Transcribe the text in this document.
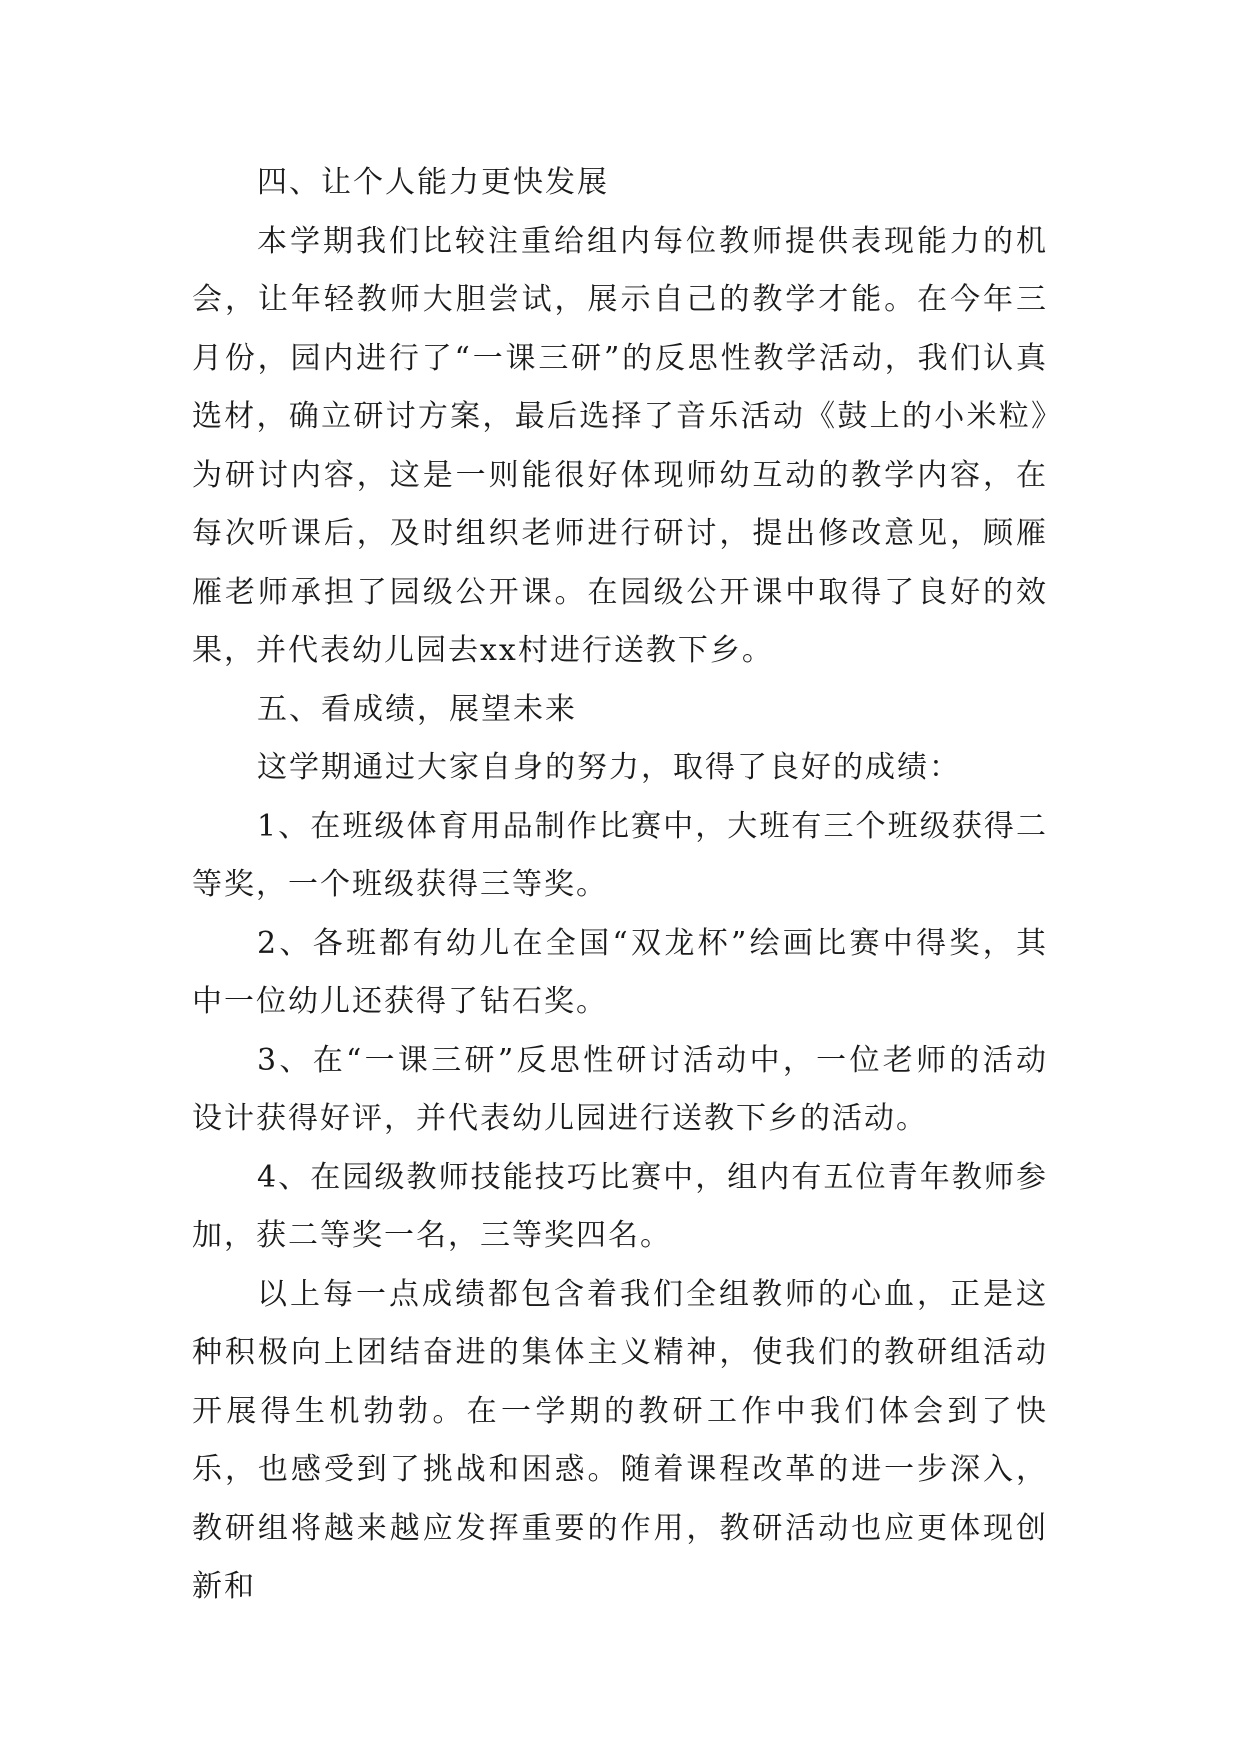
四、让个人能力更快发展

本学期我们比较注重给组内每位教师提供表现能力的机会，让年轻教师大胆尝试，展示自己的教学才能。在今年三月份，园内进行了“一课三研”的反思性教学活动，我们认真选材，确立研讨方案，最后选择了音乐活动《鼓上的小米粒》为研讨内容，这是一则能很好体现师幼互动的教学内容，在每次听课后，及时组织老师进行研讨，提出修改意见，顾雁雁老师承担了园级公开课。在园级公开课中取得了良好的效果，并代表幼儿园去xx村进行送教下乡。

五、看成绩，展望未来

这学期通过大家自身的努力，取得了良好的成绩：

1、在班级体育用品制作比赛中，大班有三个班级获得二等奖，一个班级获得三等奖。

2、各班都有幼儿在全国“双龙杯”绘画比赛中得奖，其中一位幼儿还获得了钻石奖。

3、在“一课三研”反思性研讨活动中，一位老师的活动设计获得好评，并代表幼儿园进行送教下乡的活动。

4、在园级教师技能技巧比赛中，组内有五位青年教师参加，获二等奖一名，三等奖四名。

以上每一点成绩都包含着我们全组教师的心血，正是这种积极向上团结奋进的集体主义精神，使我们的教研组活动开展得生机勃勃。在一学期的教研工作中我们体会到了快乐，也感受到了挑战和困惑。随着课程改革的进一步深入，教研组将越来越应发挥重要的作用，教研活动也应更体现创新和
